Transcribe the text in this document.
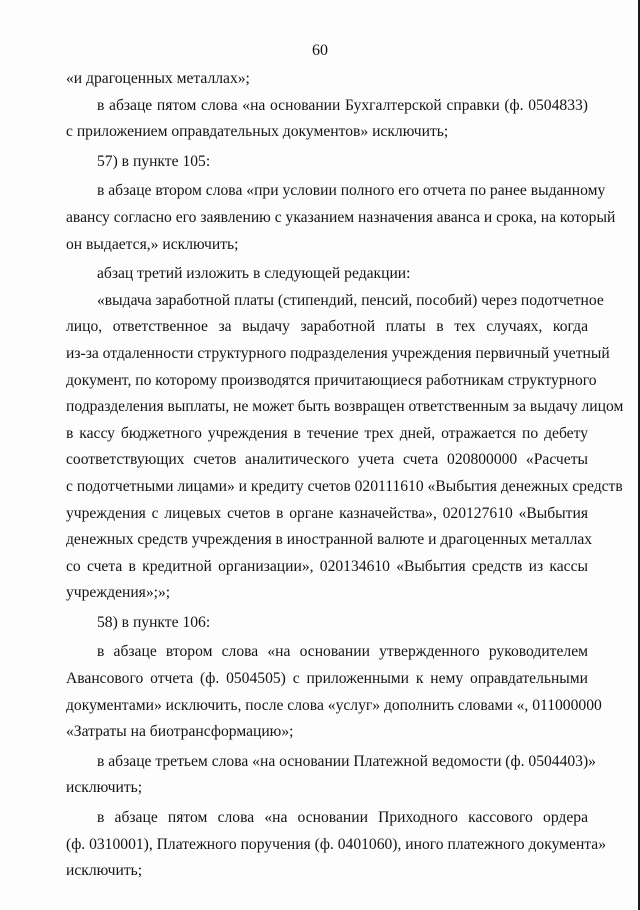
60
«и драгоценных металлах»;
в абзаце пятом слова «на основании Бухгалтерской справки (ф. 0504833)
с приложением оправдательных документов» исключить;
57) в пункте 105:
в абзаце втором слова «при условии полного его отчета по ранее выданному
авансу согласно его заявлению с указанием назначения аванса и срока, на который
он выдается,» исключить;
абзац третий изложить в следующей редакции:
«выдача заработной платы (стипендий, пенсий, пособий) через подотчетное
лицо, ответственное за выдачу заработной платы в тех случаях, когда
из-за отдаленности структурного подразделения учреждения первичный учетный
документ, по которому производятся причитающиеся работникам структурного
подразделения выплаты, не может быть возвращен ответственным за выдачу лицом
в кассу бюджетного учреждения в течение трех дней, отражается по дебету
соответствующих счетов аналитического учета счета 020800000 «Расчеты
с подотчетными лицами» и кредиту счетов 020111610 «Выбытия денежных средств
учреждения с лицевых счетов в органе казначейства», 020127610 «Выбытия
денежных средств учреждения в иностранной валюте и драгоценных металлах
со счета в кредитной организации», 020134610 «Выбытия средств из кассы
учреждения»;»;
58) в пункте 106:
в абзаце втором слова «на основании утвержденного руководителем
Авансового отчета (ф. 0504505) с приложенными к нему оправдательными
документами» исключить, после слова «услуг» дополнить словами «, 011000000
«Затраты на биотрансформацию»;
в абзаце третьем слова «на основании Платежной ведомости (ф. 0504403)»
исключить;
в абзаце пятом слова «на основании Приходного кассового ордера
(ф. 0310001), Платежного поручения (ф. 0401060), иного платежного документа»
исключить;
